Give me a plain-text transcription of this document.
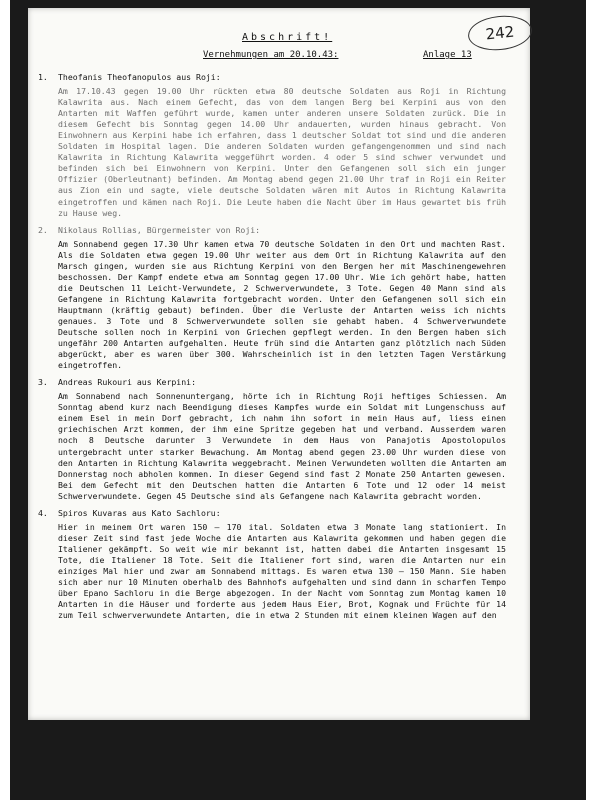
242
Abschrift!
Vernehmungen am 20.10.43:	Anlage 13
1. Theofanis Theofanopulos aus Roji:
Am 17.10.43 gegen 19.00 Uhr rückten etwa 80 deutsche Soldaten aus Roji in Richtung Kalawrita aus. Nach einem Gefecht, das von dem langen Berg bei Kerpini aus von den Antarten mit Waffen geführt wurde, kamen unter anderen unsere Soldaten zurück. Die in diesem Gefecht bis Sonntag gegen 14.00 Uhr andauerten, wurden hinaus gebracht. Von Einwohnern aus Kerpini habe ich erfahren, dass 1 deutscher Soldat tot sind und die anderen Soldaten im Hospital lagen. Die anderen Soldaten wurden gefangengenommen und sind nach Kalawrita in Richtung Kalawrita weggeführt worden. 4 oder 5 sind schwer verwundet und befinden sich bei Einwohnern von Kerpini. Unter den Gefangenen soll sich ein junger Offizier (Oberleutnant) befinden. Am Montag abend gegen 21.00 Uhr traf in Roji ein Reiter aus Zion ein und sagte, viele deutsche Soldaten wären mit Autos in Richtung Kalawrita eingetroffen und kämen nach Roji. Die Leute haben die Nacht über im Haus gewartet bis früh zu Hause weg.
2. Nikolaus Rollias, Bürgermeister von Roji:
Am Sonnabend gegen 17.30 Uhr kamen etwa 70 deutsche Soldaten in den Ort und machten Rast. Als die Soldaten etwa gegen 19.00 Uhr weiter aus dem Ort in Richtung Kalawrita auf den Marsch gingen, wurden sie aus Richtung Kerpini von den Bergen her mit Maschinengewehren beschossen. Der Kampf endete etwa am Sonntag gegen 17.00 Uhr. Wie ich gehört habe, hatten die Deutschen 11 Leicht-Verwundete, 2 Schwerverwundete, 3 Tote. Gegen 40 Mann sind als Gefangene in Richtung Kalawrita fortgebracht worden. Unter den Gefangenen soll sich ein Hauptmann (kräftig gebaut) befinden. Über die Verluste der Antarten weiss ich nichts genaues. 3 Tote und 8 Schwerverwundete sollen sie gehabt haben. 4 Schwerverwundete Deutsche sollen noch in Kerpini von Griechen gepflegt werden. In den Bergen haben sich ungefähr 200 Antarten aufgehalten. Heute früh sind die Antarten ganz plötzlich nach Süden abgerückt, aber es waren über 300. Wahrscheinlich ist in den letzten Tagen Verstärkung eingetroffen.
3. Andreas Rukouri aus Kerpini:
Am Sonnabend nach Sonnenuntergang, hörte ich in Richtung Roji heftiges Schiessen. Am Sonntag abend kurz nach Beendigung dieses Kampfes wurde ein Soldat mit Lungenschuss auf einem Esel in mein Dorf gebracht, ich nahm ihn sofort in mein Haus auf, liess einen griechischen Arzt kommen, der ihm eine Spritze gegeben hat und verband. Ausserdem waren noch 8 Deutsche darunter 3 Verwundete in dem Haus von Panajotis Apostolopulos untergebracht unter starker Bewachung. Am Montag abend gegen 23.00 Uhr wurden diese von den Antarten in Richtung Kalawrita weggebracht. Meinen Verwundeten wollten die Antarten am Donnerstag noch abholen kommen. In dieser Gegend sind fast 2 Monate 250 Antarten gewesen. Bei dem Gefecht mit den Deutschen hatten die Antarten 6 Tote und 12 oder 14 meist Schwerverwundete. Gegen 45 Deutsche sind als Gefangene nach Kalawrita gebracht worden.
4. Spiros Kuvaras aus Kato Sachloru:
Hier in meinem Ort waren 150 – 170 ital. Soldaten etwa 3 Monate lang stationiert. In dieser Zeit sind fast jede Woche die Antarten aus Kalawrita gekommen und haben gegen die Italiener gekämpft. So weit wie mir bekannt ist, hatten dabei die Antarten insgesamt 15 Tote, die Italiener 18 Tote. Seit die Italiener fort sind, waren die Antarten nur ein einziges Mal hier und zwar am Sonnabend mittags. Es waren etwa 130 – 150 Mann. Sie haben sich aber nur 10 Minuten oberhalb des Bahnhofs aufgehalten und sind dann in scharfen Tempo über Epano Sachloru in die Berge abgezogen. In der Nacht vom Sonntag zum Montag kamen 10 Antarten in die Häuser und forderte aus jedem Haus Eier, Brot, Kognak und Früchte für 14 zum Teil schwerverwundete Antarten, die in etwa 2 Stunden mit einem kleinen Wagen auf den
